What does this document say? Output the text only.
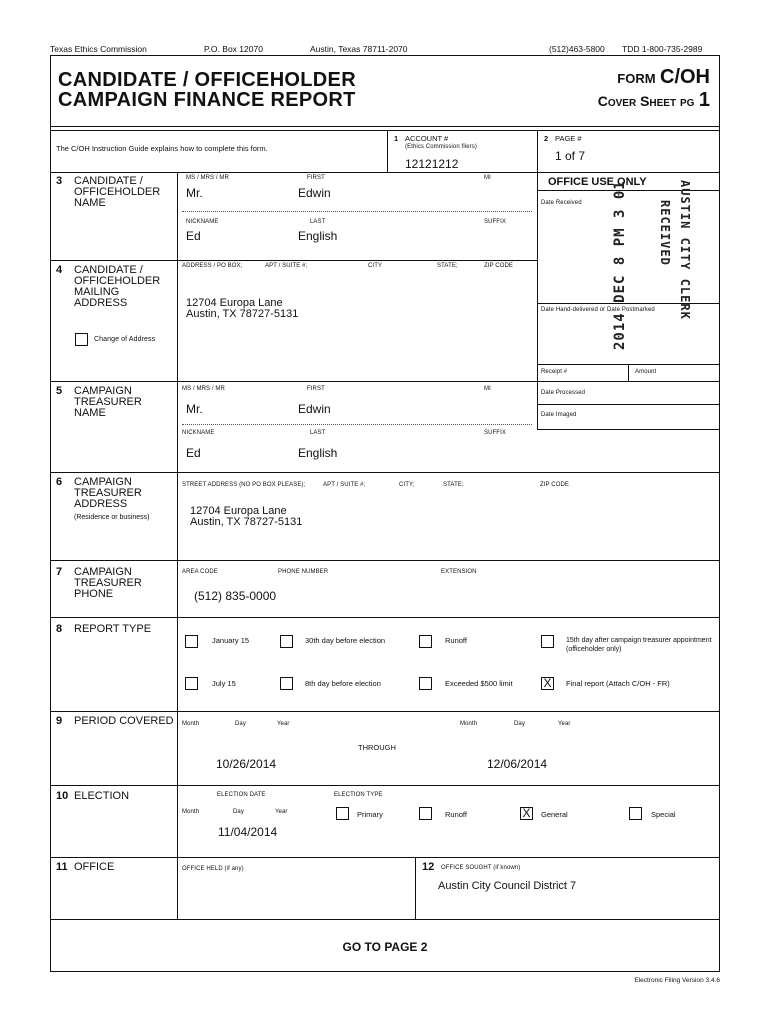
Texas Ethics Commission	P.O. Box 12070	Austin, Texas 78711-2070	(512)463-5800 TDD 1-800-735-2989
CANDIDATE / OFFICEHOLDER
CAMPAIGN FINANCE REPORT
FORM C/OH
Cover Sheet pg 1
The C/OH Instruction Guide explains how to complete this form.
1 ACCOUNT #
(Ethics Commission filers)
12121212
2 PAGE #
1 of 7
OFFICE USE ONLY
Date Received
Date Hand-delivered or Date Postmarked
Receipt #	Amount
Date Processed
Date Imaged
2014 DEC 8 PM 3 01	RECEIVED AUSTIN CITY CLERK
3	CANDIDATE / OFFICEHOLDER NAME
MS / MRS / MR	FIRST	MI
Mr.	Edwin
NICKNAME	LAST	SUFFIX
Ed	English
4	CANDIDATE / OFFICEHOLDER MAILING ADDRESS
Change of Address
ADDRESS / PO BOX;	APT / SUITE #;	CITY	STATE;	ZIP CODE
12704 Europa Lane
Austin, TX 78727-5131
5	CAMPAIGN TREASURER NAME
MS / MRS / MR	FIRST	MI
Mr.	Edwin
NICKNAME	LAST	SUFFIX
Ed	English
6	CAMPAIGN TREASURER ADDRESS
(Residence or business)
STREET ADDRESS (NO PO BOX PLEASE);	APT / SUITE #;	CITY;	STATE;	ZIP CODE
12704 Europa Lane
Austin, TX 78727-5131
7	CAMPAIGN TREASURER PHONE
AREA CODE	PHONE NUMBER	EXTENSION
(512) 835-0000
8	REPORT TYPE
January 15	30th day before election	Runoff	15th day after campaign treasurer appointment (officeholder only)
July 15	8th day before election	Exceeded $500 limit	X	Final report (Attach C/OH - FR)
9	PERIOD COVERED Month	Day	Year	Month	Day	Year
THROUGH
10/26/2014	12/06/2014
10 ELECTION	ELECTION DATE
Month	Day	Year
11/04/2014
ELECTION TYPE
Primary	Runoff	X	General	Special
11 OFFICE	OFFICE HELD (if any)	12 OFFICE SOUGHT (if known)
Austin City Council District 7
GO TO PAGE 2
Electronic Filing Version 3.4.6
